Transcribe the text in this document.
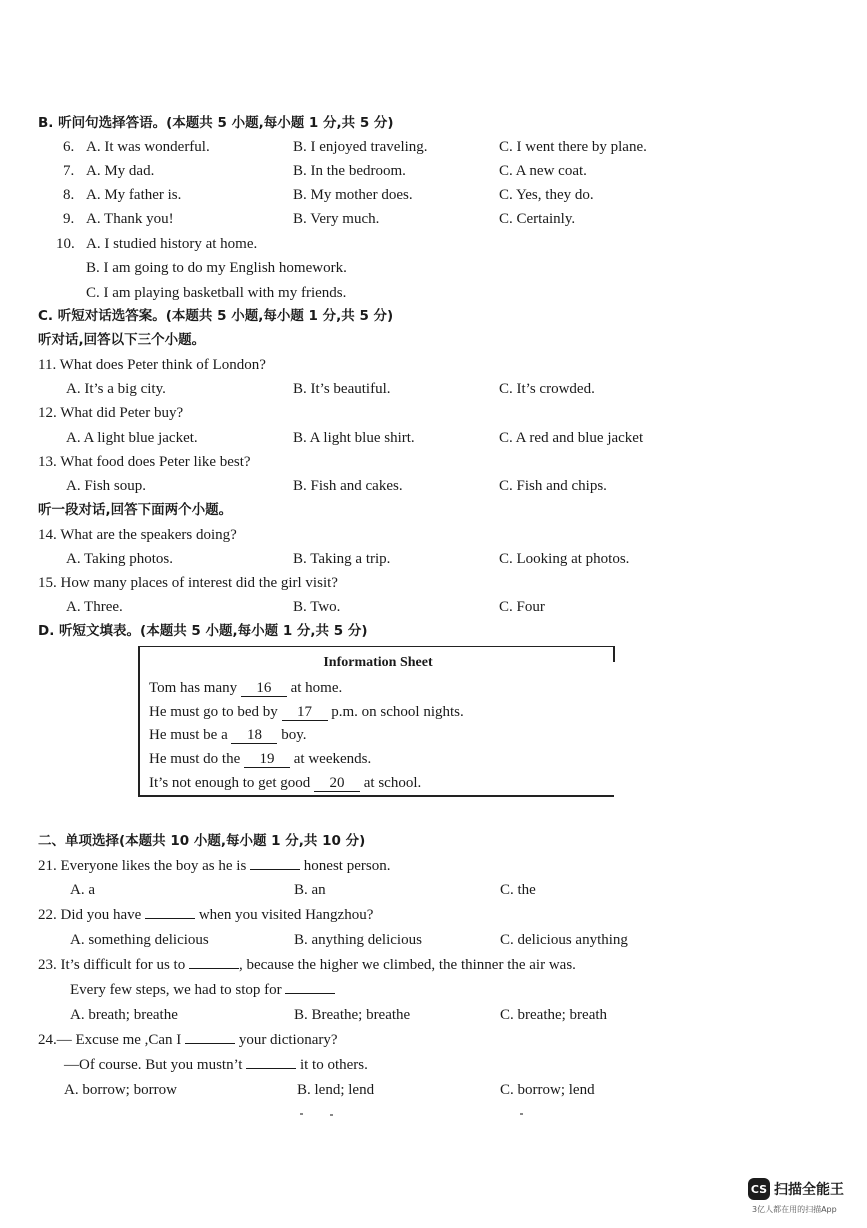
B. 听问句选择答语。(本题共 5 小题,每小题 1 分,共 5 分)
6. A. It was wonderful.	B. I enjoyed traveling.	C. I went there by plane.
7. A. My dad.	B. In the bedroom.	C. A new coat.
8. A. My father is.	B. My mother does.	C. Yes, they do.
9. A. Thank you!	B. Very much.	C. Certainly.
10. A. I studied history at home.
B. I am going to do my English homework.
C. I am playing basketball with my friends.
C. 听短对话选答案。(本题共 5 小题,每小题 1 分,共 5 分)
听对话,回答以下三个小题。
11. What does Peter think of London?
A. It’s a big city.	B. It’s beautiful.	C. It’s crowded.
12. What did Peter buy?
A. A light blue jacket.	B. A light blue shirt.	C. A red and blue jacket
13. What food does Peter like best?
A. Fish soup.	B. Fish and cakes.	C. Fish and chips.
听一段对话,回答下面两个小题。
14. What are the speakers doing?
A. Taking photos.	B. Taking a trip.	C. Looking at photos.
15. How many places of interest did the girl visit?
A. Three.	B. Two.	C. Four
D. 听短文填表。(本题共 5 小题,每小题 1 分,共 5 分)
Information Sheet
Tom has many 16 at home.
He must go to bed by 17 p.m. on school nights.
He must be a 18 boy.
He must do the 19 at weekends.
It’s not enough to get good 20 at school.
二、单项选择(本题共 10 小题,每小题 1 分,共 10 分)
21. Everyone likes the boy as he is	honest person.
A. a	B. an	C. the
22. Did you have	when you visited Hangzhou?
A. something delicious	B. anything delicious	C. delicious anything
23. It’s difficult for us to	, because the higher we climbed, the thinner the air was.
Every few steps, we had to stop for
A. breath; breathe	B. Breathe; breathe	C. breathe; breath
24.— Excuse me ,Can I	your dictionary?
—Of course. But you mustn’t	it to others.
A. borrow; borrow	B. lend; lend	C. borrow; lend
CS 扫描全能王
3亿人都在用的扫描App
